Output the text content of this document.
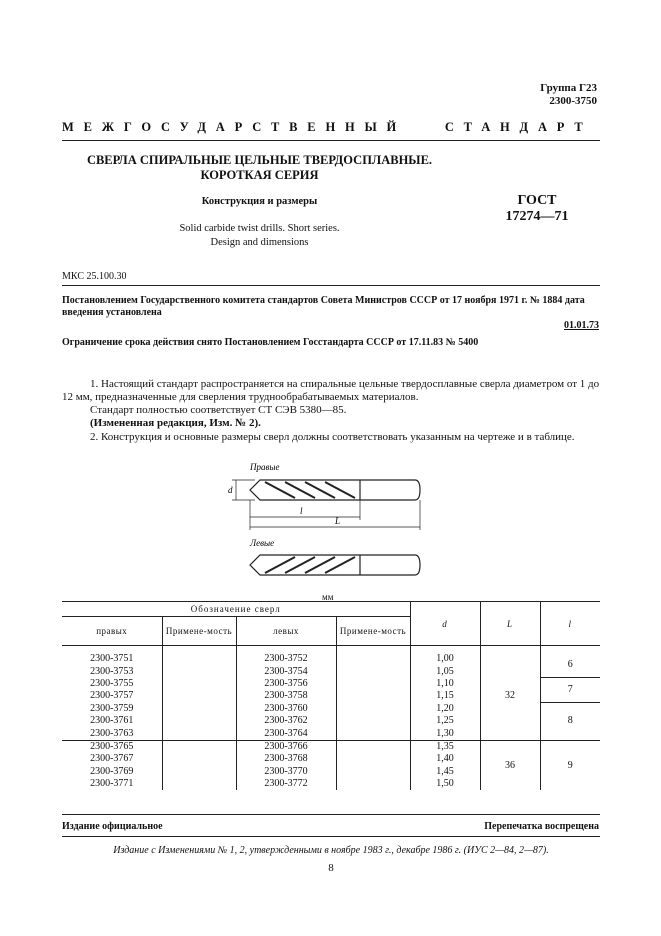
Группа Г23
2300-3750
МЕЖГОСУДАРСТВЕННЫЙ   СТАНДАРТ
СВЕРЛА СПИРАЛЬНЫЕ ЦЕЛЬНЫЕ ТВЕРДОСПЛАВНЫЕ.
КОРОТКАЯ СЕРИЯ
Конструкция и размеры
Solid carbide twist drills. Short series.
Design and dimensions
ГОСТ
17274—71
МКС 25.100.30
Постановлением Государственного комитета стандартов Совета Министров СССР от 17 ноября 1971 г. № 1884 дата введения установлена
01.01.73
Ограничение срока действия снято Постановлением Госстандарта СССР от 17.11.83 № 5400
1. Настоящий стандарт распространяется на спиральные цельные твердосплавные сверла диаметром от 1 до 12 мм, предназначенные для сверления труднообрабатываемых материалов.
Стандарт полностью соответствует СТ СЭВ 5380—85.
(Измененная редакция, Изм. № 2).
2. Конструкция и основные размеры сверл должны соответствовать указанным на чертеже и в таблице.
Правые
d
l
L
Левые
мм
Обозначение сверл				d	L	l
правых	Примене-мость	левых	Примене-мость			

2300-3751		2300-3752		1,00	32	6
2300-3753		2300-3754		1,05		
2300-3755		2300-3756		1,10		7
2300-3757		2300-3758		1,15		
2300-3759		2300-3760		1,20		8
2300-3761		2300-3762		1,25		
2300-3763		2300-3764		1,30		
2300-3765		2300-3766		1,35	36	9
2300-3767		2300-3768		1,40		
2300-3769		2300-3770		1,45		
2300-3771		2300-3772		1,50		
Издание официальное	Перепечатка воспрещена
Издание с Изменениями № 1, 2, утвержденными в ноябре 1983 г., декабре 1986 г. (ИУС 2—84, 2—87).
8
